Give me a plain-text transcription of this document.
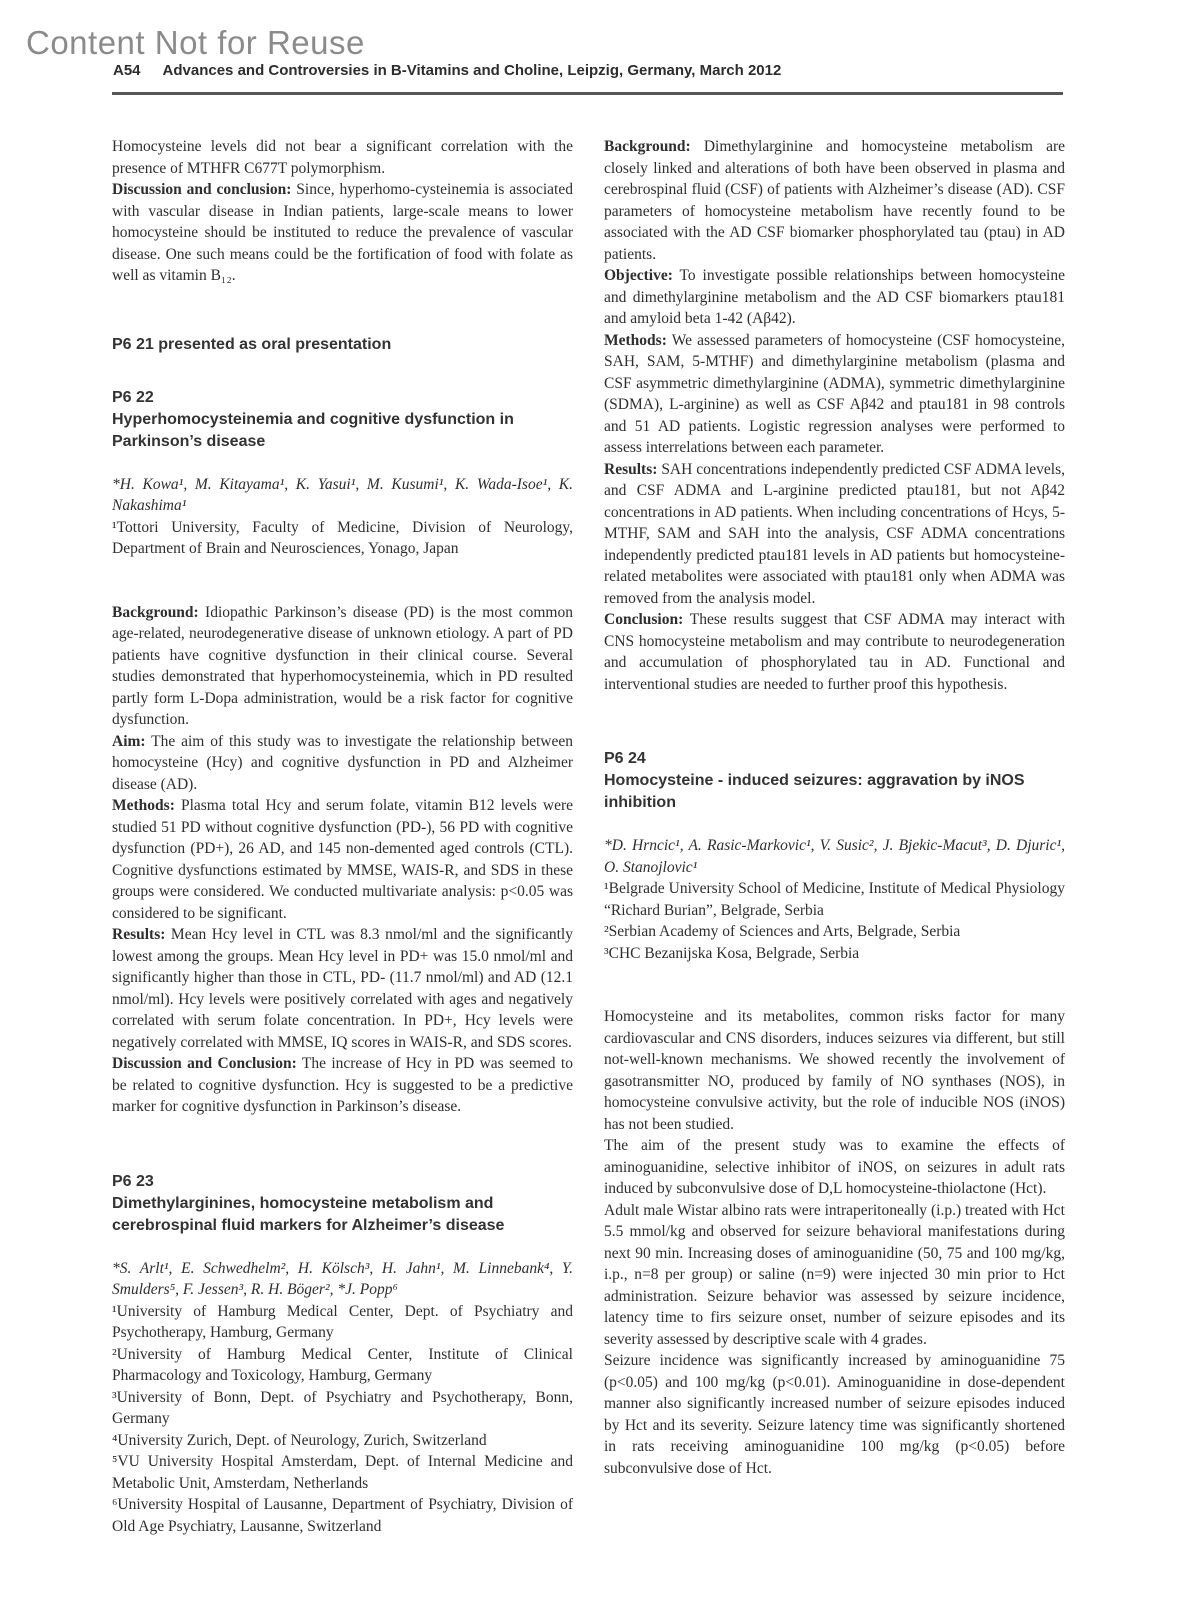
Content Not for Reuse
A54 Advances and Controversies in B-Vitamins and Choline, Leipzig, Germany, March 2012

Homocysteine levels did not bear a significant correlation with the presence of MTHFR C677T polymorphism.

Discussion and conclusion: Since, hyperhomo-cysteinemia is associated with vascular disease in Indian patients, large-scale means to lower homocysteine should be instituted to reduce the prevalence of vascular disease. One such means could be the fortification of food with folate as well as vitamin B₁₂.

P6 21 presented as oral presentation
P6 22
Hyperhomocysteinemia and cognitive dysfunction in Parkinson’s disease

*H. Kowa¹, M. Kitayama¹, K. Yasui¹, M. Kusumi¹, K. Wada-Isoe¹, K. Nakashima¹

¹Tottori University, Faculty of Medicine, Division of Neurology, Department of Brain and Neurosciences, Yonago, Japan

Background: Idiopathic Parkinson’s disease (PD) is the most common age-related, neurodegenerative disease of unknown etiology. A part of PD patients have cognitive dysfunction in their clinical course. Several studies demonstrated that hyperhomocysteinemia, which in PD resulted partly form L-Dopa administration, would be a risk factor for cognitive dysfunction.

Aim: The aim of this study was to investigate the relationship between homocysteine (Hcy) and cognitive dysfunction in PD and Alzheimer disease (AD).

Methods: Plasma total Hcy and serum folate, vitamin B12 levels were studied 51 PD without cognitive dysfunction (PD-), 56 PD with cognitive dysfunction (PD+), 26 AD, and 145 non-demented aged controls (CTL). Cognitive dysfunctions estimated by MMSE, WAIS-R, and SDS in these groups were considered. We conducted multivariate analysis: p<0.05 was considered to be significant.

Results: Mean Hcy level in CTL was 8.3 nmol/ml and the significantly lowest among the groups. Mean Hcy level in PD+ was 15.0 nmol/ml and significantly higher than those in CTL, PD- (11.7 nmol/ml) and AD (12.1 nmol/ml). Hcy levels were positively correlated with ages and negatively correlated with serum folate concentration. In PD+, Hcy levels were negatively correlated with MMSE, IQ scores in WAIS-R, and SDS scores.

Discussion and Conclusion: The increase of Hcy in PD was seemed to be related to cognitive dysfunction. Hcy is suggested to be a predictive marker for cognitive dysfunction in Parkinson’s disease.

P6 23
Dimethylarginines, homocysteine metabolism and cerebrospinal fluid markers for Alzheimer’s disease

*S. Arlt¹, E. Schwedhelm², H. Kölsch³, H. Jahn¹, M. Linnebank⁴, Y. Smulders⁵, F. Jessen³, R. H. Böger², *J. Popp⁶

¹University of Hamburg Medical Center, Dept. of Psychiatry and Psychotherapy, Hamburg, Germany

²University of Hamburg Medical Center, Institute of Clinical Pharmacology and Toxicology, Hamburg, Germany

³University of Bonn, Dept. of Psychiatry and Psychotherapy, Bonn, Germany

⁴University Zurich, Dept. of Neurology, Zurich, Switzerland

⁵VU University Hospital Amsterdam, Dept. of Internal Medicine and Metabolic Unit, Amsterdam, Netherlands

⁶University Hospital of Lausanne, Department of Psychiatry, Division of Old Age Psychiatry, Lausanne, Switzerland

Background: Dimethylarginine and homocysteine metabolism are closely linked and alterations of both have been observed in plasma and cerebrospinal fluid (CSF) of patients with Alzheimer’s disease (AD). CSF parameters of homocysteine metabolism have recently found to be associated with the AD CSF biomarker phosphorylated tau (ptau) in AD patients.

Objective: To investigate possible relationships between homocysteine and dimethylarginine metabolism and the AD CSF biomarkers ptau181 and amyloid beta 1-42 (Aβ42).

Methods: We assessed parameters of homocysteine (CSF homocysteine, SAH, SAM, 5-MTHF) and dimethylarginine metabolism (plasma and CSF asymmetric dimethylarginine (ADMA), symmetric dimethylarginine (SDMA), L-arginine) as well as CSF Aβ42 and ptau181 in 98 controls and 51 AD patients. Logistic regression analyses were performed to assess interrelations between each parameter.

Results: SAH concentrations independently predicted CSF ADMA levels, and CSF ADMA and L-arginine predicted ptau181, but not Aβ42 concentrations in AD patients. When including concentrations of Hcys, 5-MTHF, SAM and SAH into the analysis, CSF ADMA concentrations independently predicted ptau181 levels in AD patients but homocysteine-related metabolites were associated with ptau181 only when ADMA was removed from the analysis model.

Conclusion: These results suggest that CSF ADMA may interact with CNS homocysteine metabolism and may contribute to neurodegeneration and accumulation of phosphorylated tau in AD. Functional and interventional studies are needed to further proof this hypothesis.

P6 24
Homocysteine - induced seizures: aggravation by iNOS inhibition

*D. Hrncic¹, A. Rasic-Markovic¹, V. Susic², J. Bjekic-Macut³, D. Djuric¹, O. Stanojlovic¹

¹Belgrade University School of Medicine, Institute of Medical Physiology “Richard Burian”, Belgrade, Serbia

²Serbian Academy of Sciences and Arts, Belgrade, Serbia

³CHC Bezanijska Kosa, Belgrade, Serbia

Homocysteine and its metabolites, common risks factor for many cardiovascular and CNS disorders, induces seizures via different, but still not-well-known mechanisms. We showed recently the involvement of gasotransmitter NO, produced by family of NO synthases (NOS), in homocysteine convulsive activity, but the role of inducible NOS (iNOS) has not been studied.

The aim of the present study was to examine the effects of aminoguanidine, selective inhibitor of iNOS, on seizures in adult rats induced by subconvulsive dose of D,L homocysteine-thiolactone (Hct).

Adult male Wistar albino rats were intraperitoneally (i.p.) treated with Hct 5.5 mmol/kg and observed for seizure behavioral manifestations during next 90 min. Increasing doses of aminoguanidine (50, 75 and 100 mg/kg, i.p., n=8 per group) or saline (n=9) were injected 30 min prior to Hct administration. Seizure behavior was assessed by seizure incidence, latency time to firs seizure onset, number of seizure episodes and its severity assessed by descriptive scale with 4 grades.

Seizure incidence was significantly increased by aminoguanidine 75 (p<0.05) and 100 mg/kg (p<0.01). Aminoguanidine in dose-dependent manner also significantly increased number of seizure episodes induced by Hct and its severity. Seizure latency time was significantly shortened in rats receiving aminoguanidine 100 mg/kg (p<0.05) before subconvulsive dose of Hct.
